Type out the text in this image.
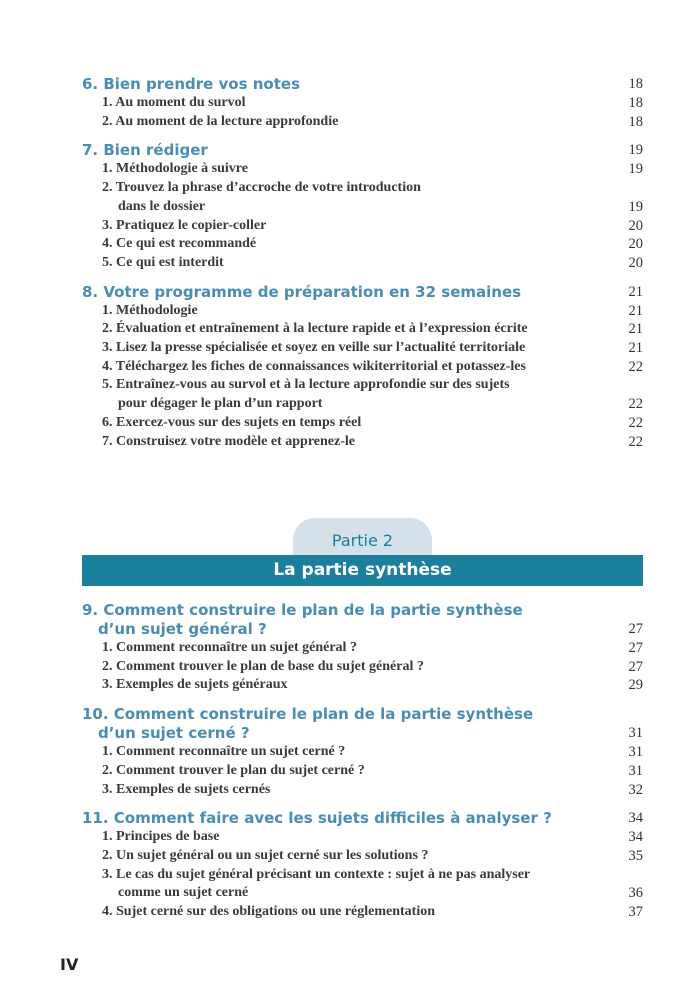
6. Bien prendre vos notes	18
1. Au moment du survol	18
2. Au moment de la lecture approfondie	18
7. Bien rédiger	19
1. Méthodologie à suivre	19
2. Trouvez la phrase d’accroche de votre introduction
dans le dossier	19
3. Pratiquez le copier-coller	20
4. Ce qui est recommandé	20
5. Ce qui est interdit	20
8. Votre programme de préparation en 32 semaines	21
1. Méthodologie	21
2. Évaluation et entraînement à la lecture rapide et à l’expression écrite	21
3. Lisez la presse spécialisée et soyez en veille sur l’actualité territoriale	21
4. Téléchargez les fiches de connaissances wikiterritorial et potassez-les	22
5. Entraînez-vous au survol et à la lecture approfondie sur des sujets
pour dégager le plan d’un rapport	22
6. Exercez-vous sur des sujets en temps réel	22
7. Construisez votre modèle et apprenez-le	22
Partie 2
La partie synthèse
9. Comment construire le plan de la partie synthèse
d’un sujet général ?	27
1. Comment reconnaître un sujet général ?	27
2. Comment trouver le plan de base du sujet général ?	27
3. Exemples de sujets généraux	29
10. Comment construire le plan de la partie synthèse
d’un sujet cerné ?	31
1. Comment reconnaître un sujet cerné ?	31
2. Comment trouver le plan du sujet cerné ?	31
3. Exemples de sujets cernés	32
11. Comment faire avec les sujets difficiles à analyser ?	34
1. Principes de base	34
2. Un sujet général ou un sujet cerné sur les solutions ?	35
3. Le cas du sujet général précisant un contexte : sujet à ne pas analyser
comme un sujet cerné	36
4. Sujet cerné sur des obligations ou une réglementation	37
IV
